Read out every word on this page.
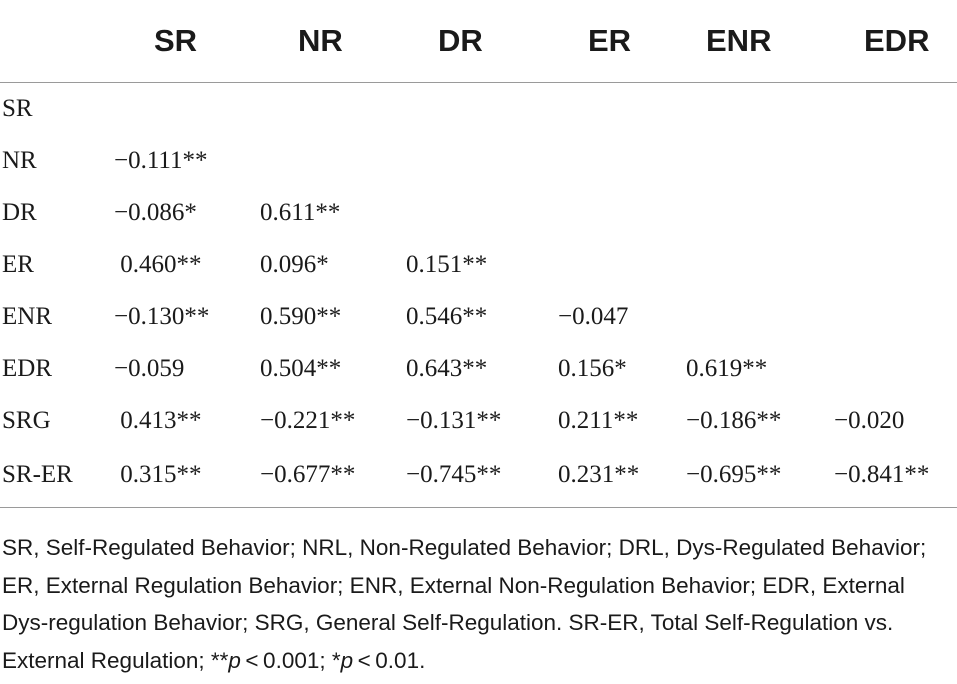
	SR	NR	DR	ER	ENR	EDR
SR						
NR	−0.111**					
DR	−0.086*	0.611**				
ER	0.460**	0.096*	0.151**			
ENR	−0.130**	0.590**	0.546**	−0.047		
EDR	−0.059	0.504**	0.643**	0.156*	0.619**	
SRG	0.413**	−0.221**	−0.131**	0.211**	−0.186**	−0.020
SR-ER	0.315**	−0.677**	−0.745**	0.231**	−0.695**	−0.841**
SR, Self-Regulated Behavior; NRL, Non-Regulated Behavior; DRL, Dys-Regulated Behavior; ER, External Regulation Behavior; ENR, External Non-Regulation Behavior; EDR, External Dys-regulation Behavior; SRG, General Self-Regulation. SR-ER, Total Self-Regulation vs. External Regulation; **p < 0.001; *p < 0.01.
